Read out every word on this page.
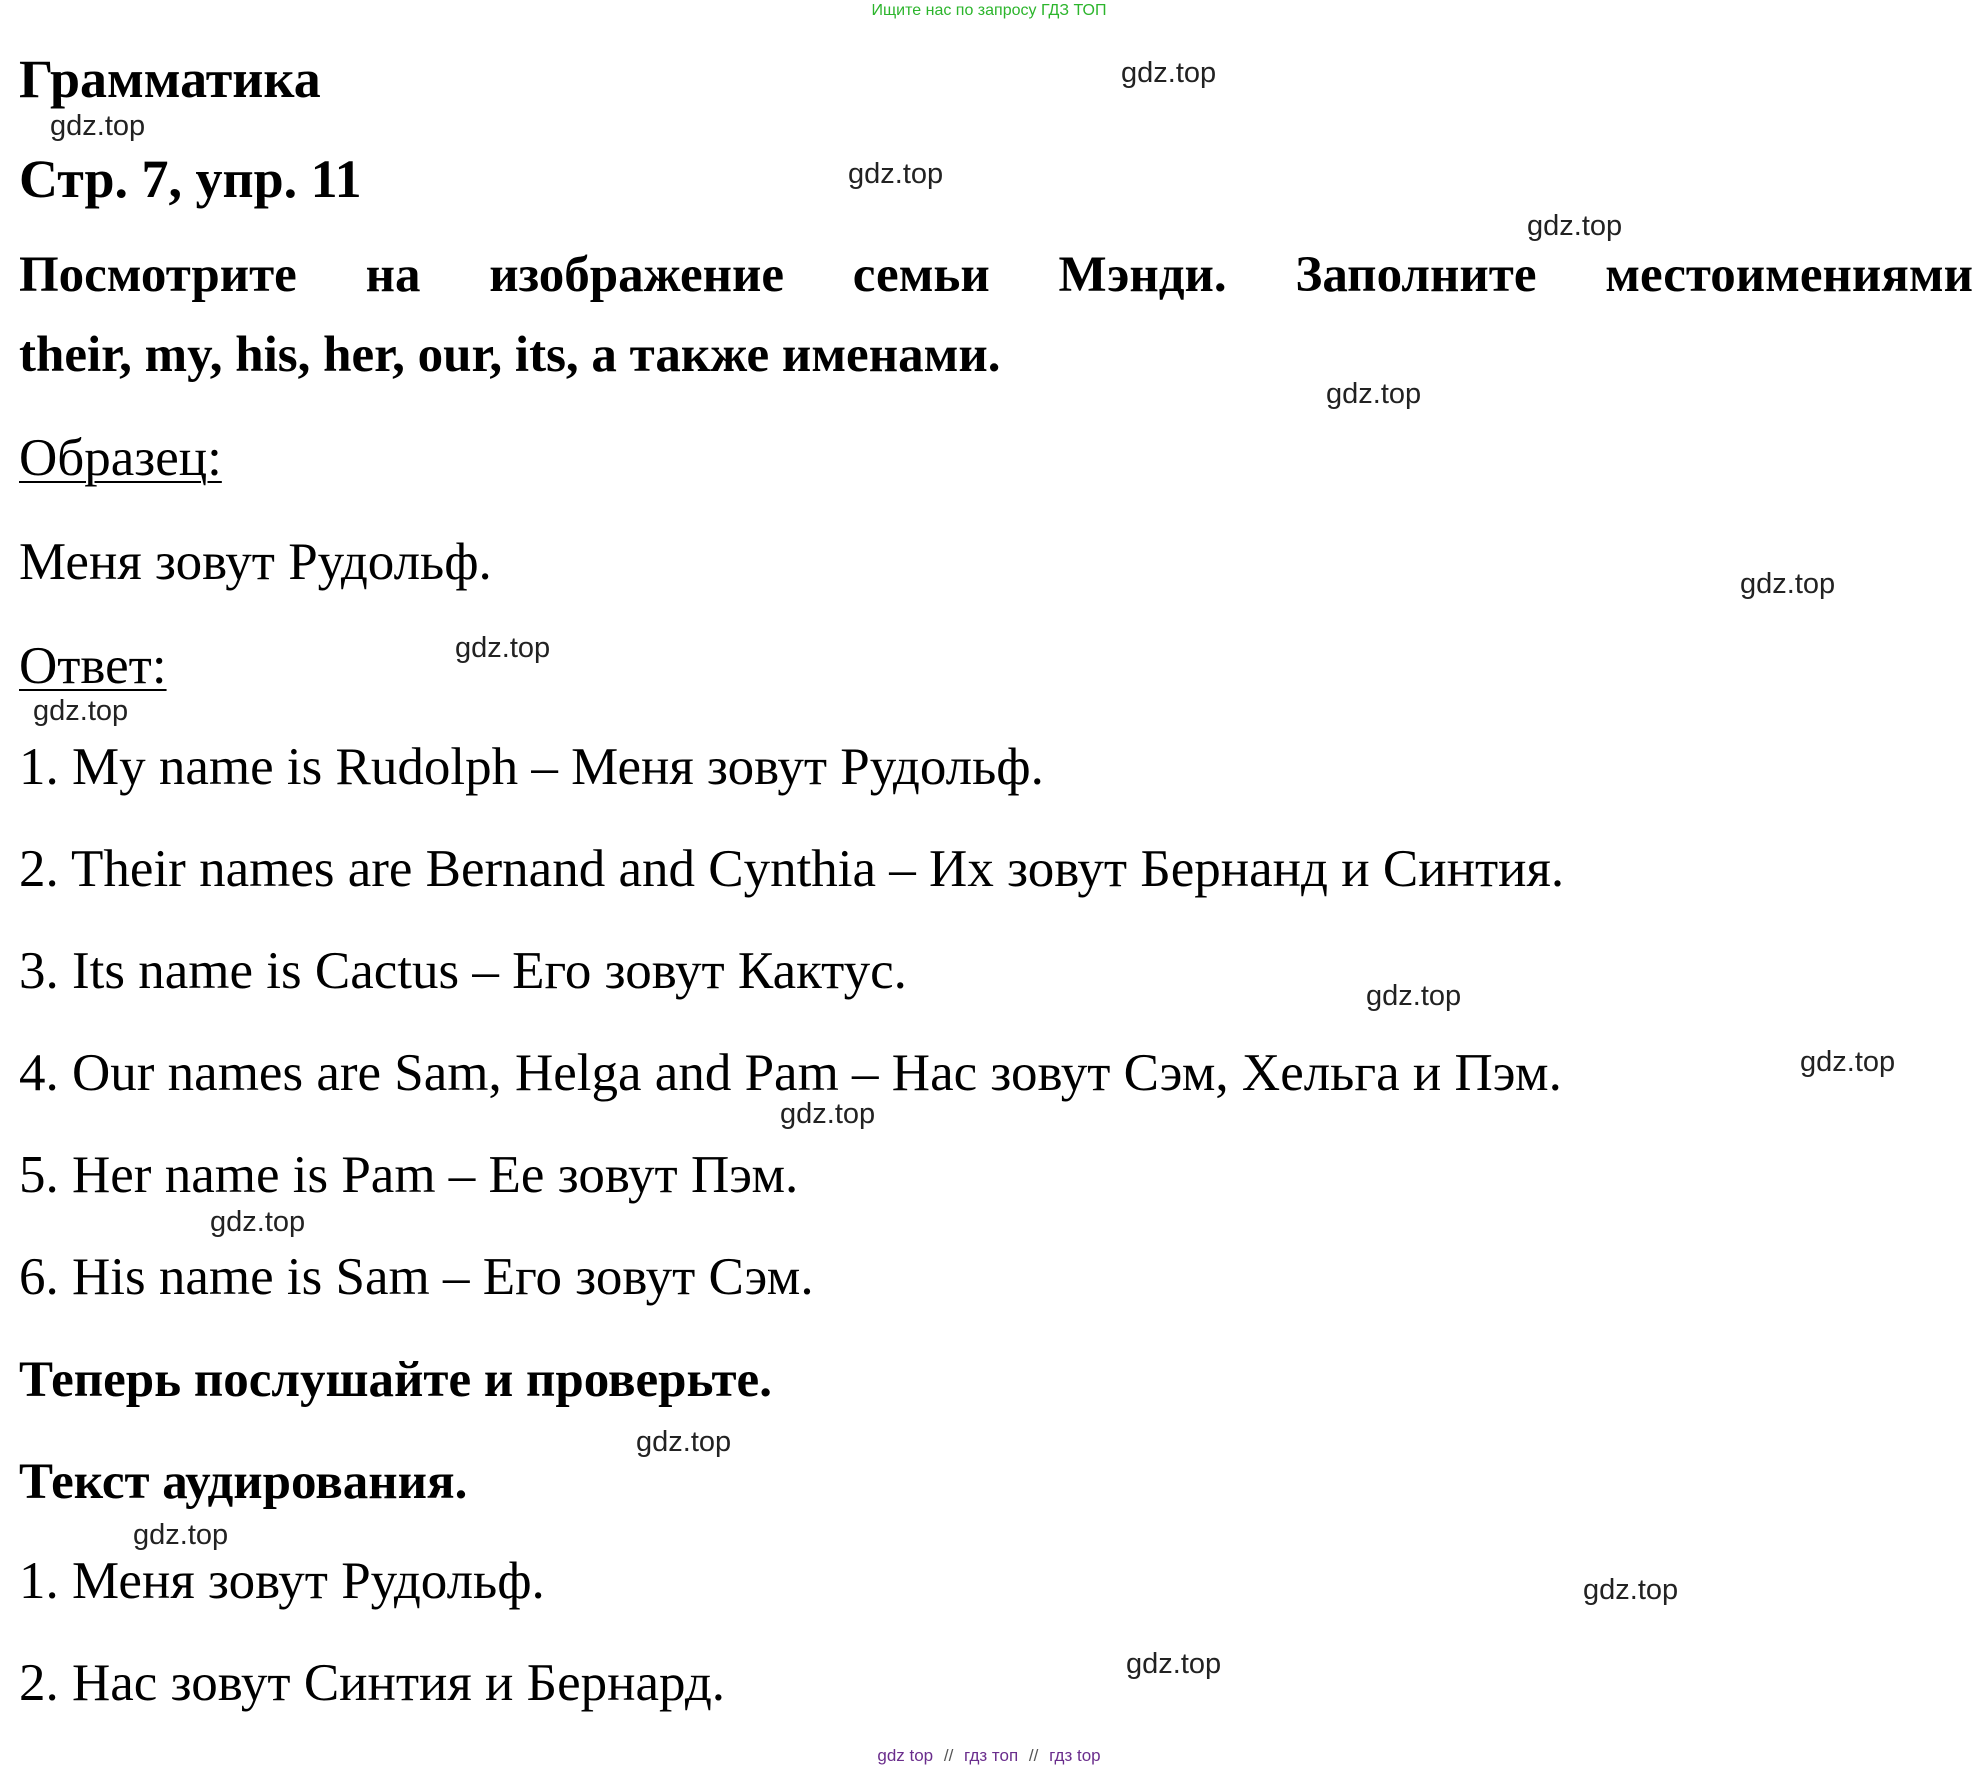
Ищите нас по запросу ГДЗ ТОП
Грамматика
Стр. 7, упр. 11
Посмотрите на изображение семьи Мэнди. Заполните местоимениями
their, my, his, her, our, its, а также именами.
Образец:
Меня зовут Рудольф.
Ответ:
1. My name is Rudolph – Меня зовут Рудольф.
2. Their names are Bernand and Cynthia – Их зовут Бернанд и Синтия.
3. Its name is Cactus – Его зовут Кактус.
4. Our names are Sam, Helga and Pam – Нас зовут Сэм, Хельга и Пэм.
5. Her name is Pam – Ее зовут Пэм.
6. His name is Sam – Его зовут Сэм.
Теперь послушайте и проверьте.
Текст аудирования.
1. Меня зовут Рудольф.
2. Нас зовут Синтия и Бернард.
gdz.top
gdz.top
gdz.top
gdz.top
gdz.top
gdz.top
gdz.top
gdz.top
gdz.top
gdz.top
gdz.top
gdz.top
gdz.top
gdz.top
gdz.top
gdz.top
gdz top // гдз топ // гдз top
